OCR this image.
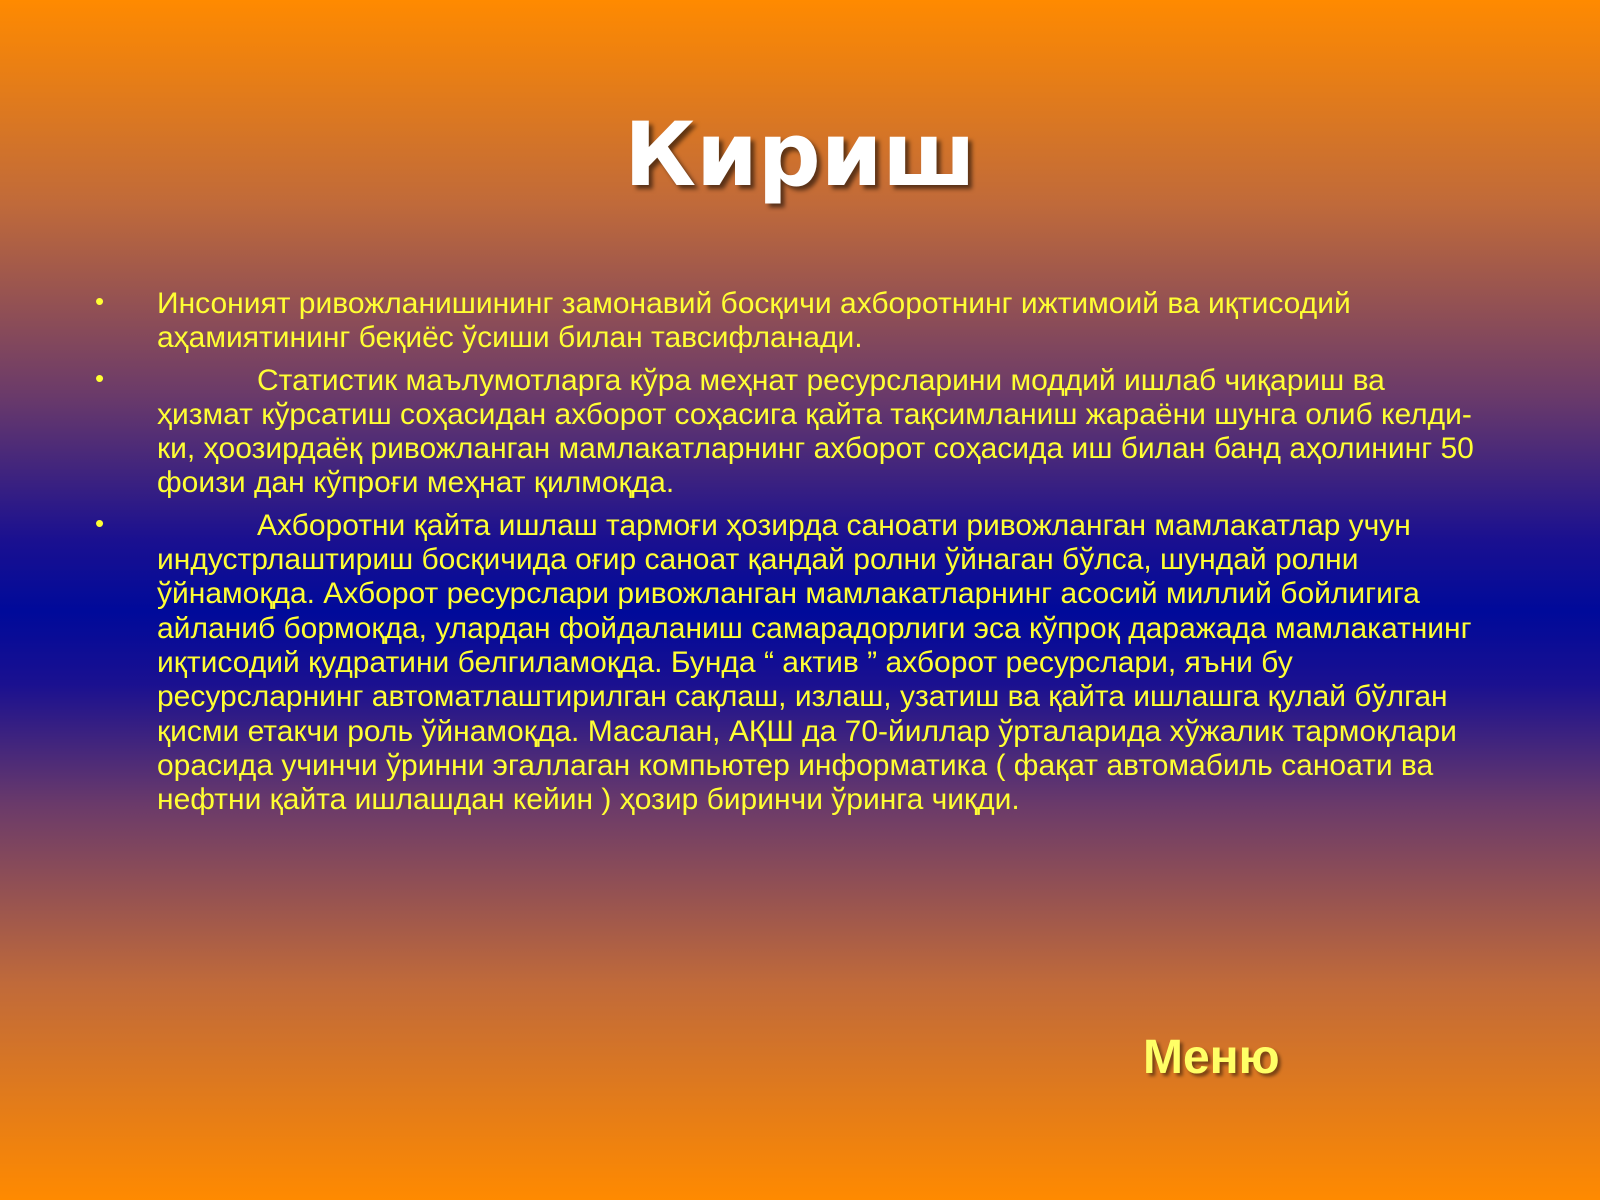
Кириш
• Инсоният ривожланишининг замонавий босқичи ахборотнинг ижтимоий ва иқтисодий аҳамиятининг беқиёс ўсиши билан тавсифланади.
•	Статистик маълумотларга кўра меҳнат ресурсларини моддий ишлаб чиқариш ва ҳизмат кўрсатиш соҳасидан ахборот соҳасига қайта тақсимланиш жараёни шунга олиб келди-ки, ҳоозирдаёқ ривожланган мамлакатларнинг ахборот соҳасида иш билан банд аҳолининг 50 фоизи дан кўпроғи меҳнат қилмоқда.
•	Ахборотни қайта ишлаш тармоғи ҳозирда саноати ривожланган мамлакатлар учун индустрлаштириш босқичида оғир саноат қандай ролни ўйнаган бўлса, шундай ролни ўйнамоқда. Ахборот ресурслари ривожланган мамлакатларнинг асосий миллий бойлигига айланиб бормоқда, улардан фойдаланиш самарадорлиги эса кўпроқ даражада мамлакатнинг иқтисодий қудратини белгиламоқда. Бунда “ актив ” ахборот ресурслари, яъни бу ресурсларнинг автоматлаштирилган сақлаш, излаш, узатиш ва қайта ишлашга қулай бўлган қисми етакчи роль ўйнамоқда. Масалан, АҚШ да 70-йиллар ўрталарида хўжалик тармоқлари орасида учинчи ўринни эгаллаган компьютер информатика ( фақат автомабиль саноати ва нефтни қайта ишлашдан кейин ) ҳозир биринчи ўринга чиқди.
Меню
